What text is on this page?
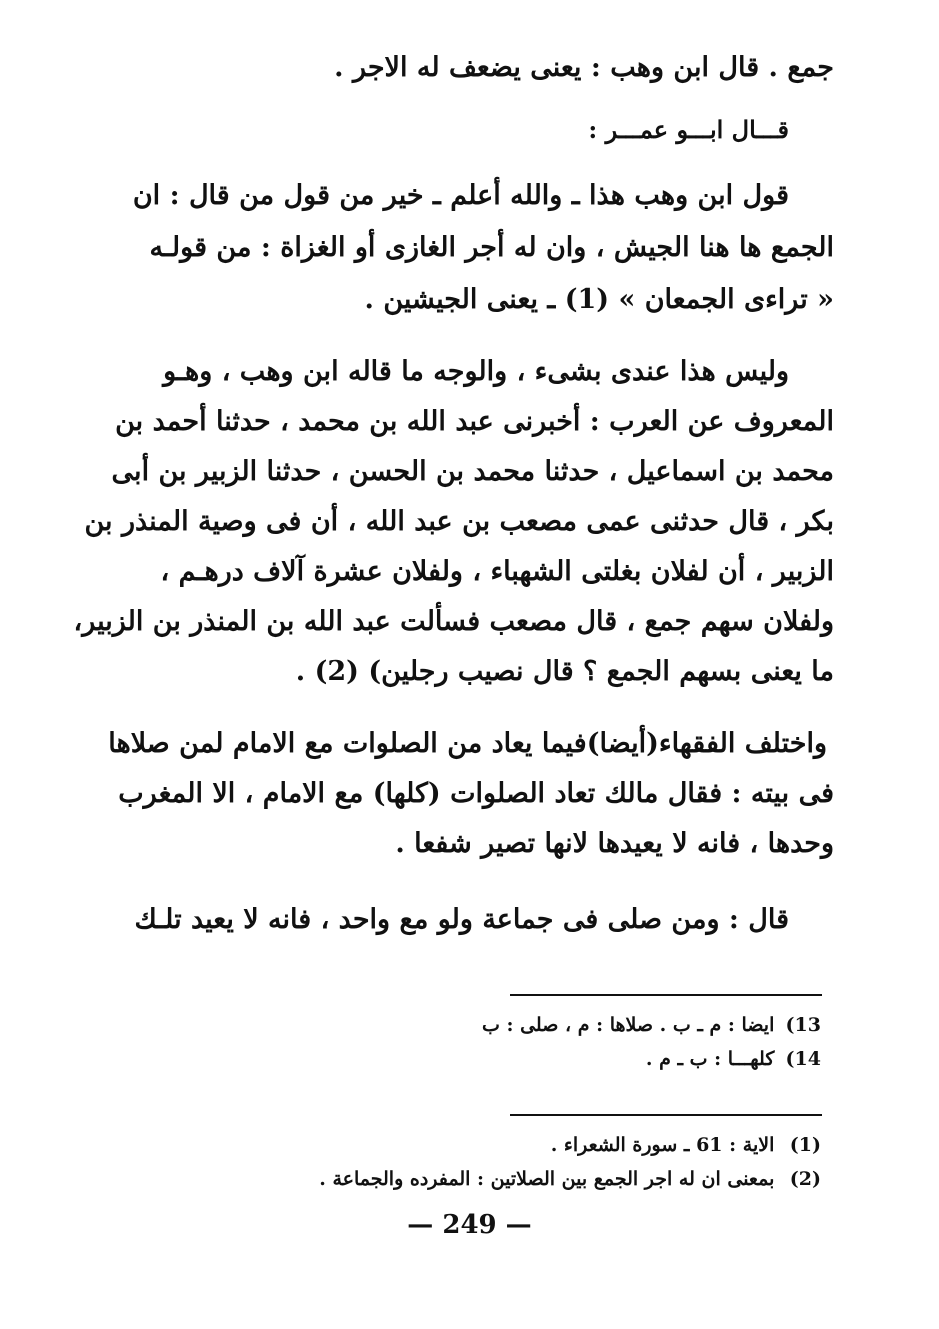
جمع . قال ابن وهب : يعنى يضعف له الاجر .
قـــال ابـــو عمـــر :
قول ابن وهب هذا ـ والله أعلم ـ خير من قول من قال : ان
الجمع ها هنا الجيش ، وان له أجر الغازى أو الغزاة : من قولـه
« تراءى الجمعان » (1) ـ يعنى الجيشين .
وليس هذا عندى بشىء ، والوجه ما قاله ابن وهب ، وهـو
المعروف عن العرب : أخبرنى عبد الله بن محمد ، حدثنا أحمد بن
محمد بن اسماعيل ، حدثنا محمد بن الحسن ، حدثنا الزبير بن أبى
بكر ، قال حدثنى عمى مصعب بن عبد الله ، أن فى وصية المنذر بن
الزبير ، أن لفلان بغلتى الشهباء ، ولفلان عشرة آلاف درهـم ،
ولفلان سهم جمع ، قال مصعب فسألت عبد الله بن المنذر بن الزبير،
ما يعنى بسهم الجمع ؟ قال نصيب رجلين) (2) .
واختلف الفقهاء(أيضا)فيما يعاد من الصلوات مع الامام لمن صلاها
فى بيته : فقال مالك تعاد الصلوات (كلها) مع الامام ، الا المغرب
وحدها ، فانه لا يعيدها لانها تصير شفعا .
قال : ومن صلى فى جماعة ولو مع واحد ، فانه لا يعيد تلـك
13) ايضا : م ـ ب . صلاها : م ، صلى : ب
14) كلهـــا : ب ـ م .
(1) الاية : 61 ـ سورة الشعراء .
(2) بمعنى ان له اجر الجمع بين الصلاتين : المفرده والجماعة .
— 249 —
